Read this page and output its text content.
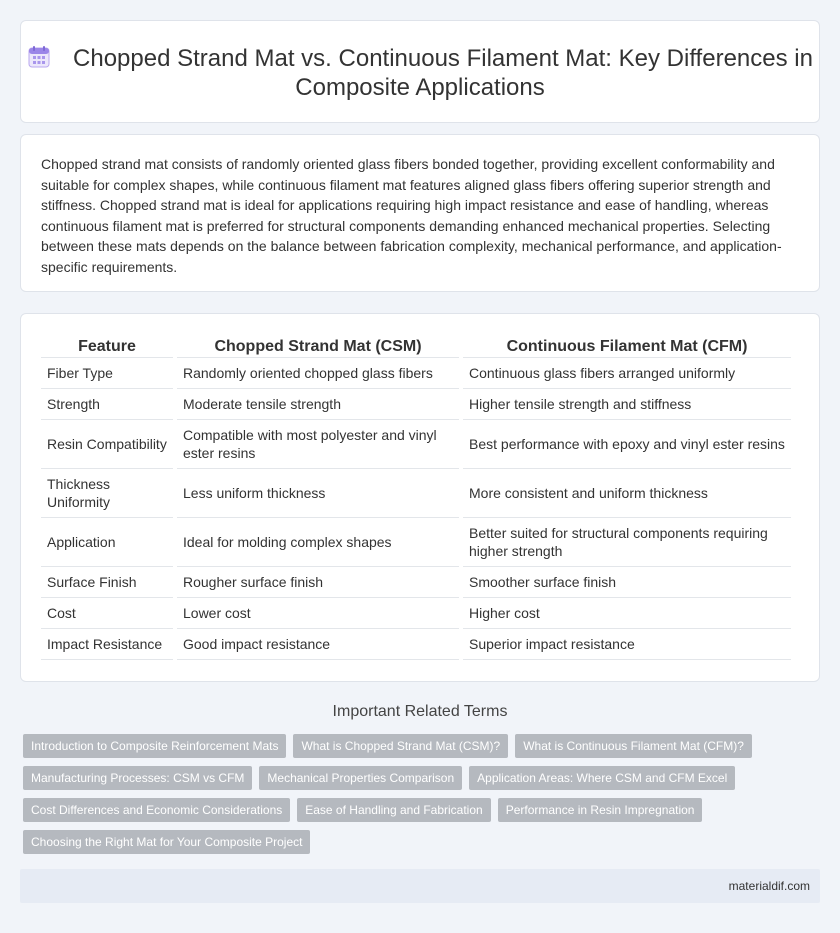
Chopped Strand Mat vs. Continuous Filament Mat: Key Differences in Composite Applications

Chopped strand mat consists of randomly oriented glass fibers bonded together, providing excellent conformability and suitable for complex shapes, while continuous filament mat features aligned glass fibers offering superior strength and stiffness. Chopped strand mat is ideal for applications requiring high impact resistance and ease of handling, whereas continuous filament mat is preferred for structural components demanding enhanced mechanical properties. Selecting between these mats depends on the balance between fabrication complexity, mechanical performance, and application-specific requirements.

Feature	Chopped Strand Mat (CSM)	Continuous Filament Mat (CFM)
Fiber Type	Randomly oriented chopped glass fibers	Continuous glass fibers arranged uniformly
Strength	Moderate tensile strength	Higher tensile strength and stiffness
Resin Compatibility	Compatible with most polyester and vinyl ester resins	Best performance with epoxy and vinyl ester resins
Thickness Uniformity	Less uniform thickness	More consistent and uniform thickness
Application	Ideal for molding complex shapes	Better suited for structural components requiring higher strength
Surface Finish	Rougher surface finish	Smoother surface finish
Cost	Lower cost	Higher cost
Impact Resistance	Good impact resistance	Superior impact resistance
Important Related Terms
Introduction to Composite Reinforcement Mats	What is Chopped Strand Mat (CSM)?	What is Continuous Filament Mat (CFM)?
Manufacturing Processes: CSM vs CFM	Mechanical Properties Comparison	Application Areas: Where CSM and CFM Excel
Cost Differences and Economic Considerations	Ease of Handling and Fabrication	Performance in Resin Impregnation
Choosing the Right Mat for Your Composite Project
materialdif.com
